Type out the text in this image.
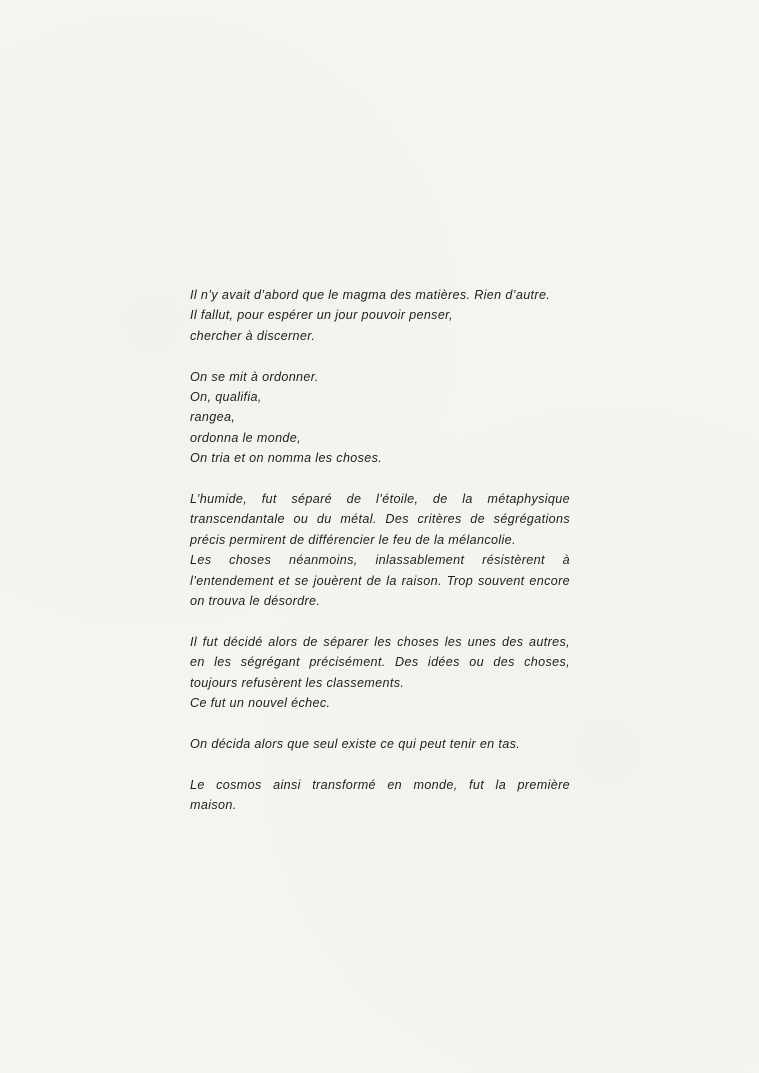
Il n’y avait d’abord que le magma des matières. Rien d’autre.
Il fallut, pour espérer un jour pouvoir penser,
chercher à discerner.
On se mit à ordonner.
On, qualifia,
rangea,
ordonna le monde,
On tria et on nomma les choses.
L’humide, fut séparé de l’étoile, de la métaphysique
transcendantale ou du métal. Des critères de ségrégations
précis permirent de différencier le feu de la mélancolie.
Les choses néanmoins, inlassablement résistèrent à
l’entendement et se jouèrent de la raison. Trop souvent encore
on trouva le désordre.
Il fut décidé alors de séparer les choses les unes des autres,
en les ségrégant précisément. Des idées ou des choses,
toujours refusèrent les classements.
Ce fut un nouvel échec.
On décida alors que seul existe ce qui peut tenir en tas.
Le cosmos ainsi transformé en monde, fut la première
maison.
